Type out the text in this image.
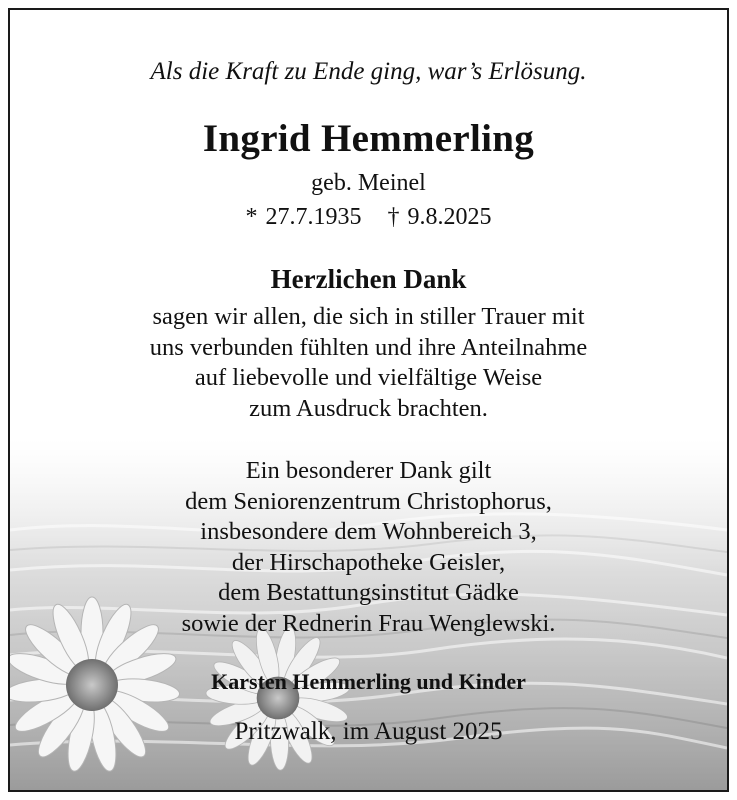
Als die Kraft zu Ende ging, war’s Erlösung.
Ingrid Hemmerling
geb. Meinel
* 27.7.1935 † 9.8.2025
Herzlichen Dank
sagen wir allen, die sich in stiller Trauer mit
uns verbunden fühlten und ihre Anteilnahme
auf liebevolle und vielfältige Weise
zum Ausdruck brachten.
Ein besonderer Dank gilt
dem Seniorenzentrum Christophorus,
insbesondere dem Wohnbereich 3,
der Hirschapotheke Geisler,
dem Bestattungsinstitut Gädke
sowie der Rednerin Frau Wenglewski.
Karsten Hemmerling und Kinder
Pritzwalk, im August 2025
